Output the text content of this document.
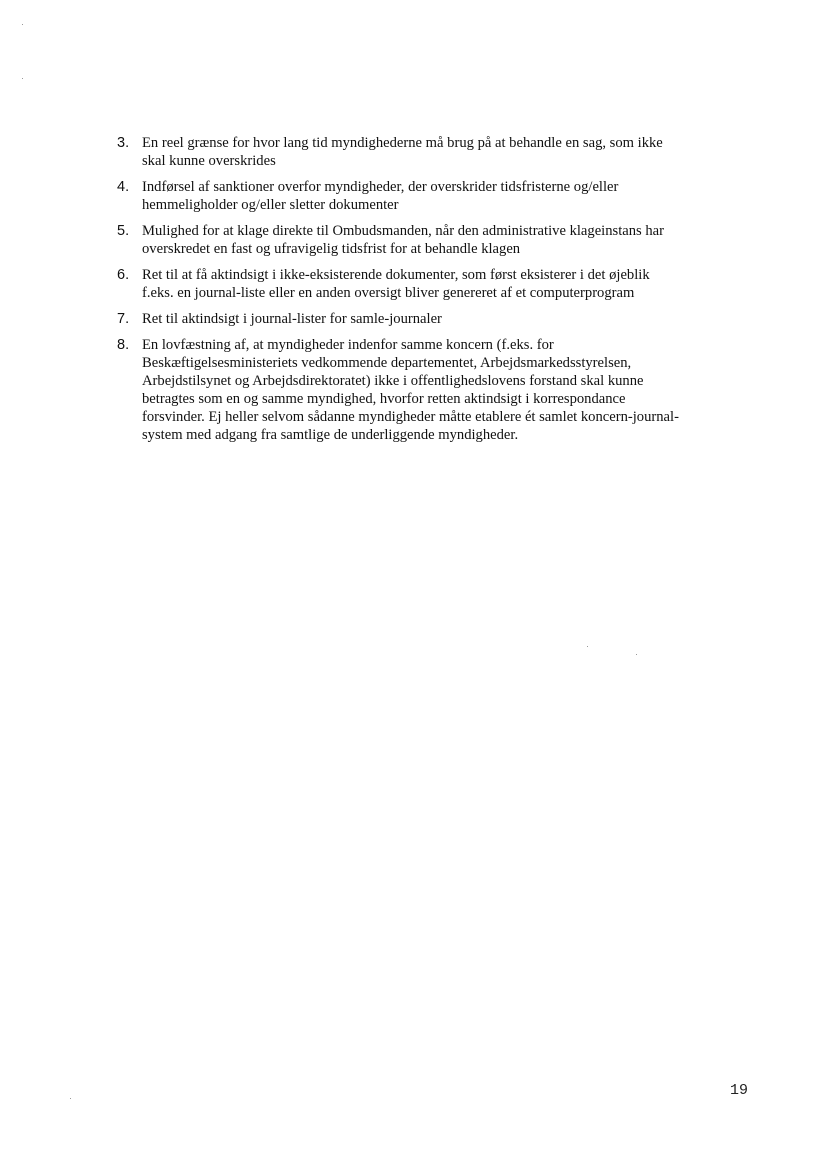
3. En reel grænse for hvor lang tid myndighederne må brug på at behandle en sag, som ikke
skal kunne overskrides
4. Indførsel af sanktioner overfor myndigheder, der overskrider tidsfristerne og/eller
hemmeligholder og/eller sletter dokumenter
5. Mulighed for at klage direkte til Ombudsmanden, når den administrative klageinstans har
overskredet en fast og ufravigelig tidsfrist for at behandle klagen
6. Ret til at få aktindsigt i ikke-eksisterende dokumenter, som først eksisterer i det øjeblik
f.eks. en journal-liste eller en anden oversigt bliver genereret af et computerprogram
7. Ret til aktindsigt i journal-lister for samle-journaler
8. En lovfæstning af, at myndigheder indenfor samme koncern (f.eks. for
Beskæftigelsesministeriets vedkommende departementet, Arbejdsmarkedsstyrelsen,
Arbejdstilsynet og Arbejdsdirektoratet) ikke i offentlighedslovens forstand skal kunne
betragtes som en og samme myndighed, hvorfor retten aktindsigt i korrespondance
forsvinder. Ej heller selvom sådanne myndigheder måtte etablere ét samlet koncern-journal-
system med adgang fra samtlige de underliggende myndigheder.
19
